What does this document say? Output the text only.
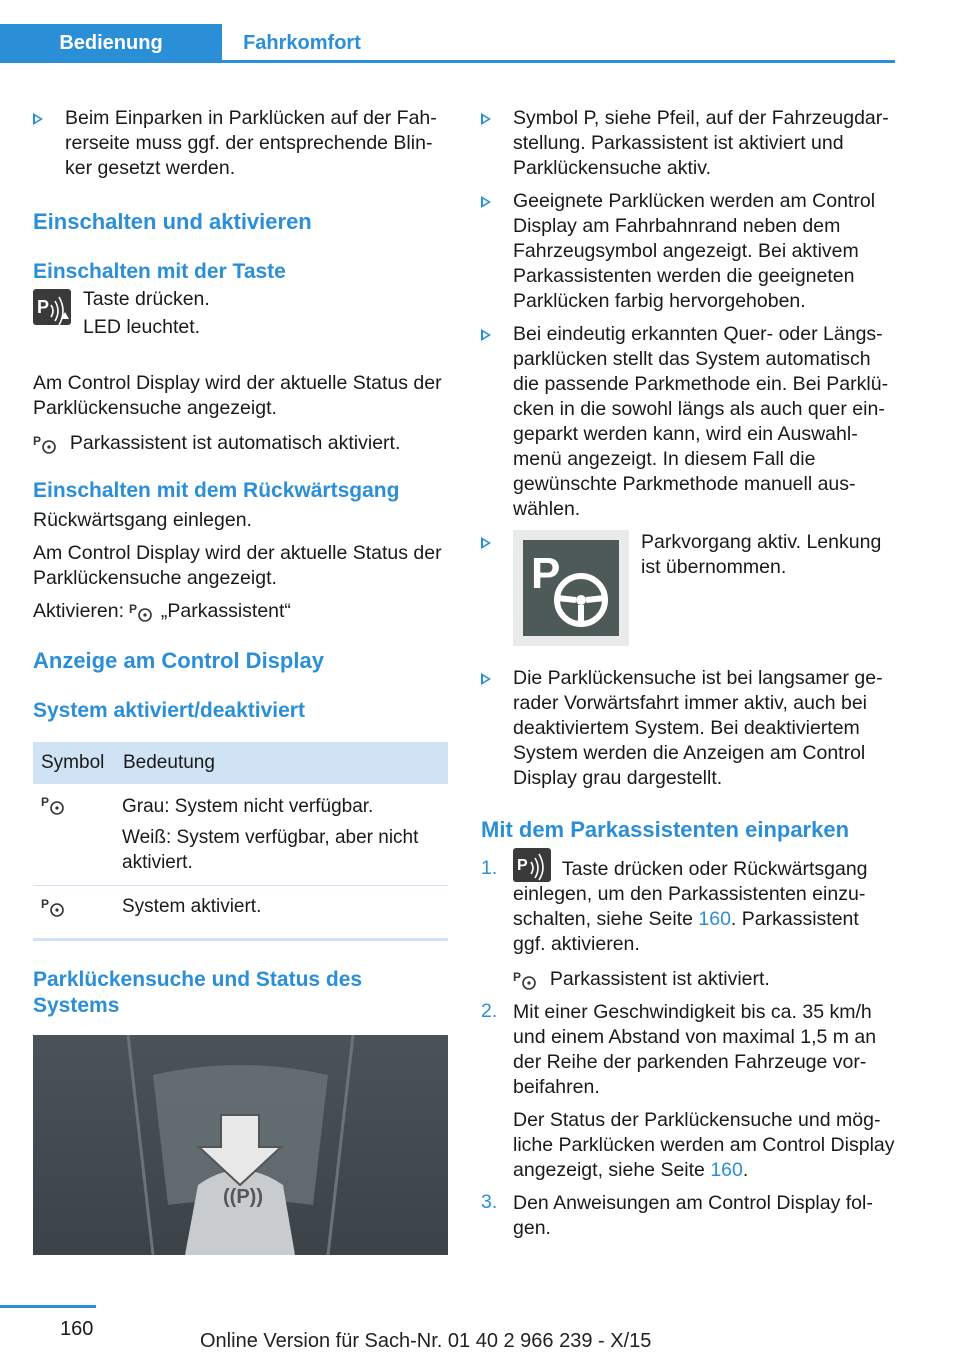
Bedienung	Fahrkomfort

Beim Einparken in Parklücken auf der Fahrerseite muss ggf. der entsprechende Blinker gesetzt werden.

Einschalten und aktivieren
Einschalten mit der Taste
P Taste drücken.

LED leuchtet.

Am Control Display wird der aktuelle Status der Parklückensuche angezeigt.

P Parkassistent ist automatisch aktiviert.

Einschalten mit dem Rückwärtsgang

Rückwärtsgang einlegen.

Am Control Display wird der aktuelle Status der Parklückensuche angezeigt.

Aktivieren: P „Parkassistent“

Anzeige am Control Display
System aktiviert/deaktiviert
Symbol	Bedeutung

P	Grau: System nicht verfügbar.
Weiß: System verfügbar, aber nicht aktiviert.

P	System aktiviert.
Parklückensuche und Status des Systems
((P))

Symbol P, siehe Pfeil, auf der Fahrzeugdarstellung. Parkassistent ist aktiviert und Parklückensuche aktiv.

Geeignete Parklücken werden am Control Display am Fahrbahnrand neben dem Fahrzeugsymbol angezeigt. Bei aktivem Parkassistenten werden die geeigneten Parklücken farbig hervorgehoben.

Bei eindeutig erkannten Quer- oder Längsparklücken stellt das System automatisch die passende Parkmethode ein. Bei Parklücken in die sowohl längs als auch quer eingeparkt werden kann, wird ein Auswahlmenü angezeigt. In diesem Fall die gewünschte Parkmethode manuell auswählen.

P

Parkvorgang aktiv. Lenkung ist übernommen.

Die Parklückensuche ist bei langsamer gerader Vorwärtsfahrt immer aktiv, auch bei deaktiviertem System. Bei deaktiviertem System werden die Anzeigen am Control Display grau dargestellt.

Mit dem Parkassistenten einparken
1. P Taste drücken oder Rückwärtsgang einlegen, um den Parkassistenten einzuschalten, siehe Seite 160. Parkassistent ggf. aktivieren.

P Parkassistent ist aktiviert.

2. Mit einer Geschwindigkeit bis ca. 35 km/h und einem Abstand von maximal 1,5 m an der Reihe der parkenden Fahrzeuge vorbeifahren.

Der Status der Parklückensuche und mögliche Parklücken werden am Control Display angezeigt, siehe Seite 160.

3. Den Anweisungen am Control Display folgen.

160
Online Version für Sach-Nr. 01 40 2 966 239 - X/15
